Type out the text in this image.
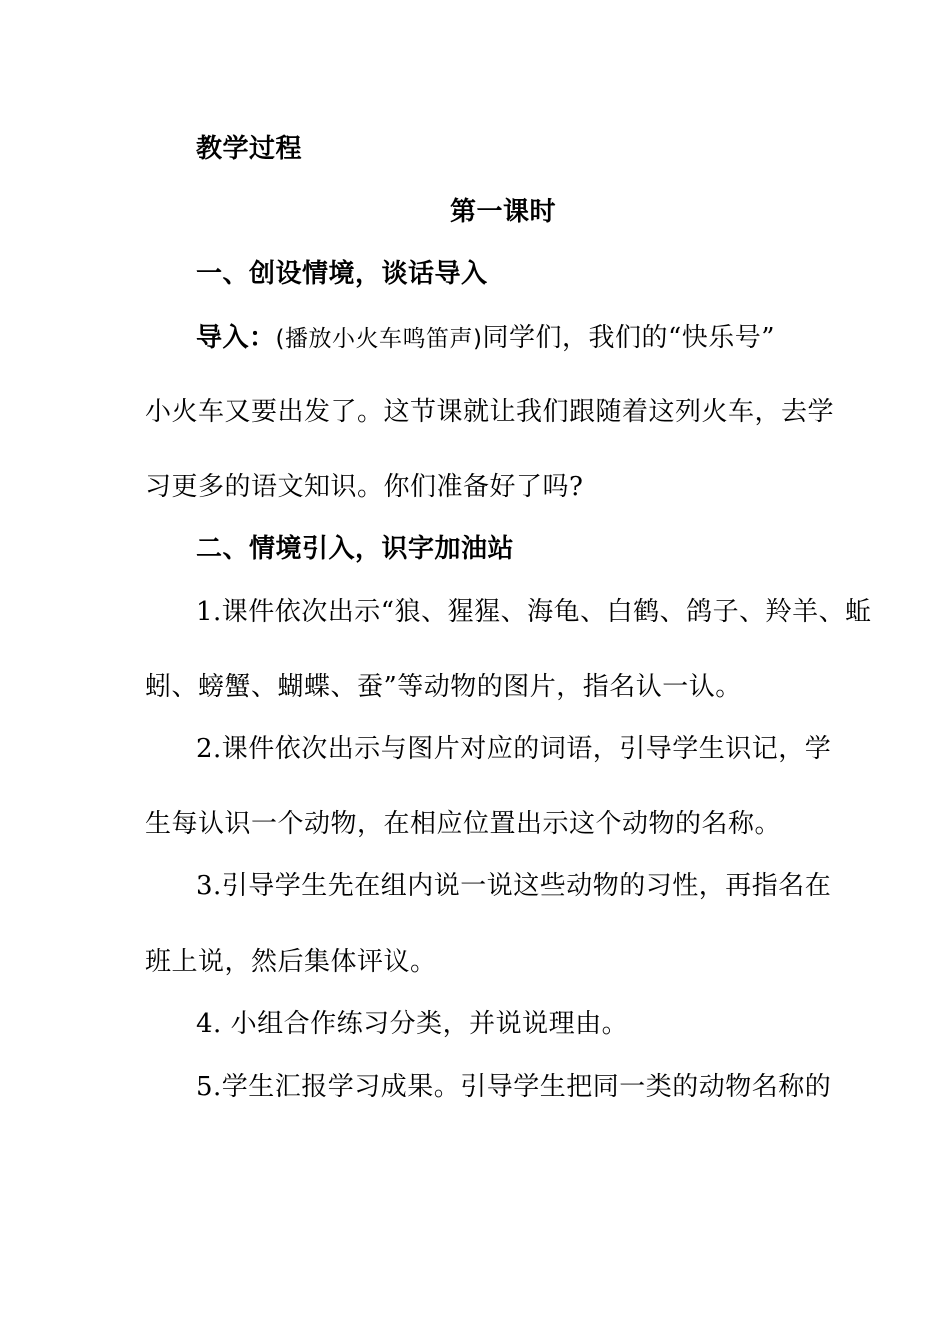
教学过程
第一课时
一、创设情境，谈话导入
导入：(播放小火车鸣笛声)同学们，我们的“快乐号”
小火车又要出发了。这节课就让我们跟随着这列火车，去学
习更多的语文知识。你们准备好了吗?
二、情境引入，识字加油站
1.课件依次出示“狼、猩猩、海龟、白鹤、鸽子、羚羊、蚯
蚓、螃蟹、蝴蝶、蚕”等动物的图片，指名认一认。
2.课件依次出示与图片对应的词语，引导学生识记，学
生每认识一个动物，在相应位置出示这个动物的名称。
3.引导学生先在组内说一说这些动物的习性，再指名在
班上说，然后集体评议。
4. 小组合作练习分类，并说说理由。
5.学生汇报学习成果。引导学生把同一类的动物名称的
